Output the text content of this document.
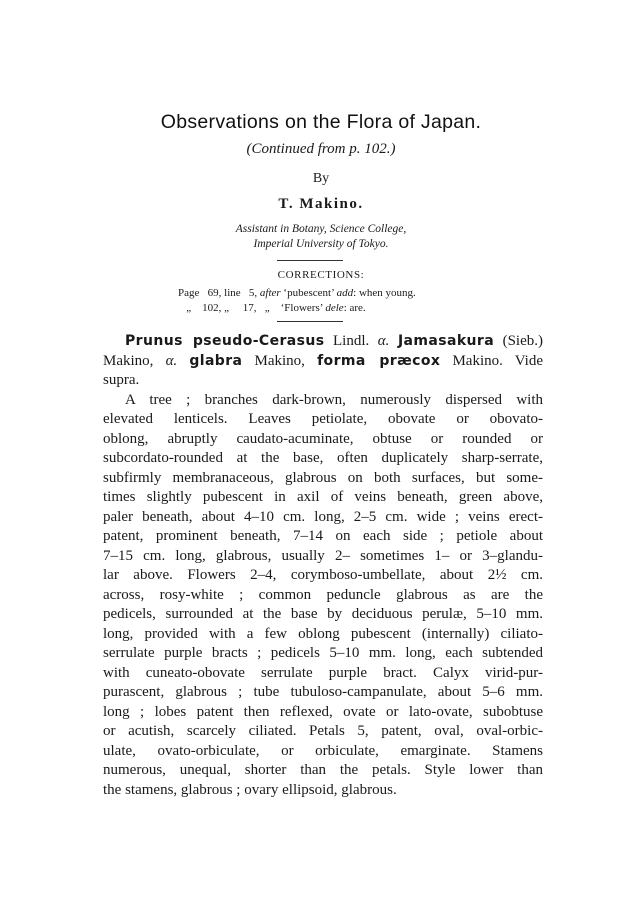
Observations on the Flora of Japan.
(Continued from p. 102.)
By
T. Makino.
Assistant in Botany, Science College,
Imperial University of Tokyo.
CORRECTIONS:
Page   69, line   5, after ‘pubescent’ add: when young.
„    102, „     17,   „    ‘Flowers’ dele: are.
Prunus pseudo-Cerasus Lindl. α. Jamasakura (Sieb.)
Makino, α. glabra Makino, forma præcox Makino. Vide
supra.
A tree ; branches dark-brown, numerously dispersed with
elevated lenticels. Leaves petiolate, obovate or obovato-
oblong, abruptly caudato-acuminate, obtuse or rounded or
subcordato-rounded at the base, often duplicately sharp-serrate,
subfirmly membranaceous, glabrous on both surfaces, but some-
times slightly pubescent in axil of veins beneath, green above,
paler beneath, about 4–10 cm. long, 2–5 cm. wide ; veins erect-
patent, prominent beneath, 7–14 on each side ; petiole about
7–15 cm. long, glabrous, usually 2– sometimes 1– or 3–glandu-
lar above. Flowers 2–4, corymboso-umbellate, about 2½ cm.
across, rosy-white ; common peduncle glabrous as are the
pedicels, surrounded at the base by deciduous perulæ, 5–10 mm.
long, provided with a few oblong pubescent (internally) ciliato-
serrulate purple bracts ; pedicels 5–10 mm. long, each subtended
with cuneato-obovate serrulate purple bract. Calyx virid-pur-
purascent, glabrous ; tube tubuloso-campanulate, about 5–6 mm.
long ; lobes patent then reflexed, ovate or lato-ovate, subobtuse
or acutish, scarcely ciliated. Petals 5, patent, oval, oval-orbic-
ulate, ovato-orbiculate, or orbiculate, emarginate. Stamens
numerous, unequal, shorter than the petals. Style lower than
the stamens, glabrous ; ovary ellipsoid, glabrous.
